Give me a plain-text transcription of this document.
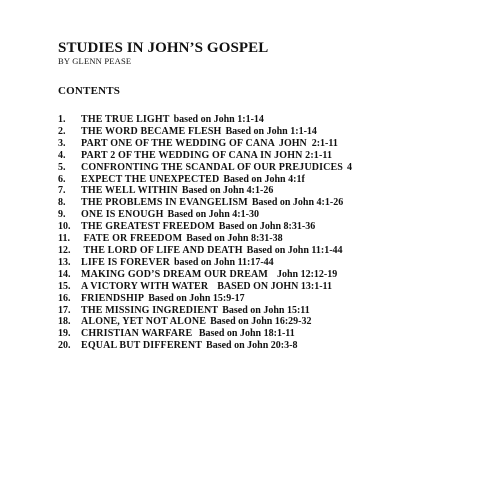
STUDIES IN JOHN’S GOSPEL
BY GLENN PEASE
CONTENTS
1.	THE TRUE LIGHT based on John 1:1-14
2.	THE WORD BECAME FLESH Based on John 1:1-14
3.	PART ONE OF THE WEDDING OF CANA JOHN  2:1-11
4.	PART 2 OF THE WEDDING OF CANA IN JOHN 2:1-11
5.	CONFRONTING THE SCANDAL OF OUR PREJUDICES 4
6.	EXPECT THE UNEXPECTED Based on John 4:1f
7.	THE WELL WITHIN Based on John 4:1-26
8.	THE PROBLEMS IN EVANGELISM Based on John 4:1-26
9.	ONE IS ENOUGH Based on John 4:1-30
10.	THE GREATEST FREEDOM Based on John 8:31-36
11.	FATE OR FREEDOM Based on John 8:31-38
12.	THE LORD OF LIFE AND DEATH Based on John 11:1-44
13.	LIFE IS FOREVER based on John 11:17-44
14.	MAKING GOD’S DREAM OUR DREAM John 12:12-19
15.	A VICTORY WITH WATER BASED ON JOHN 13:1-11
16.	FRIENDSHIP Based on John 15:9-17
17.	THE MISSING INGREDIENT Based on John 15:11
18.	ALONE, YET NOT ALONE Based on John 16:29-32
19.	CHRISTIAN WARFARE Based on John 18:1-11
20.	EQUAL BUT DIFFERENT Based on John 20:3-8
